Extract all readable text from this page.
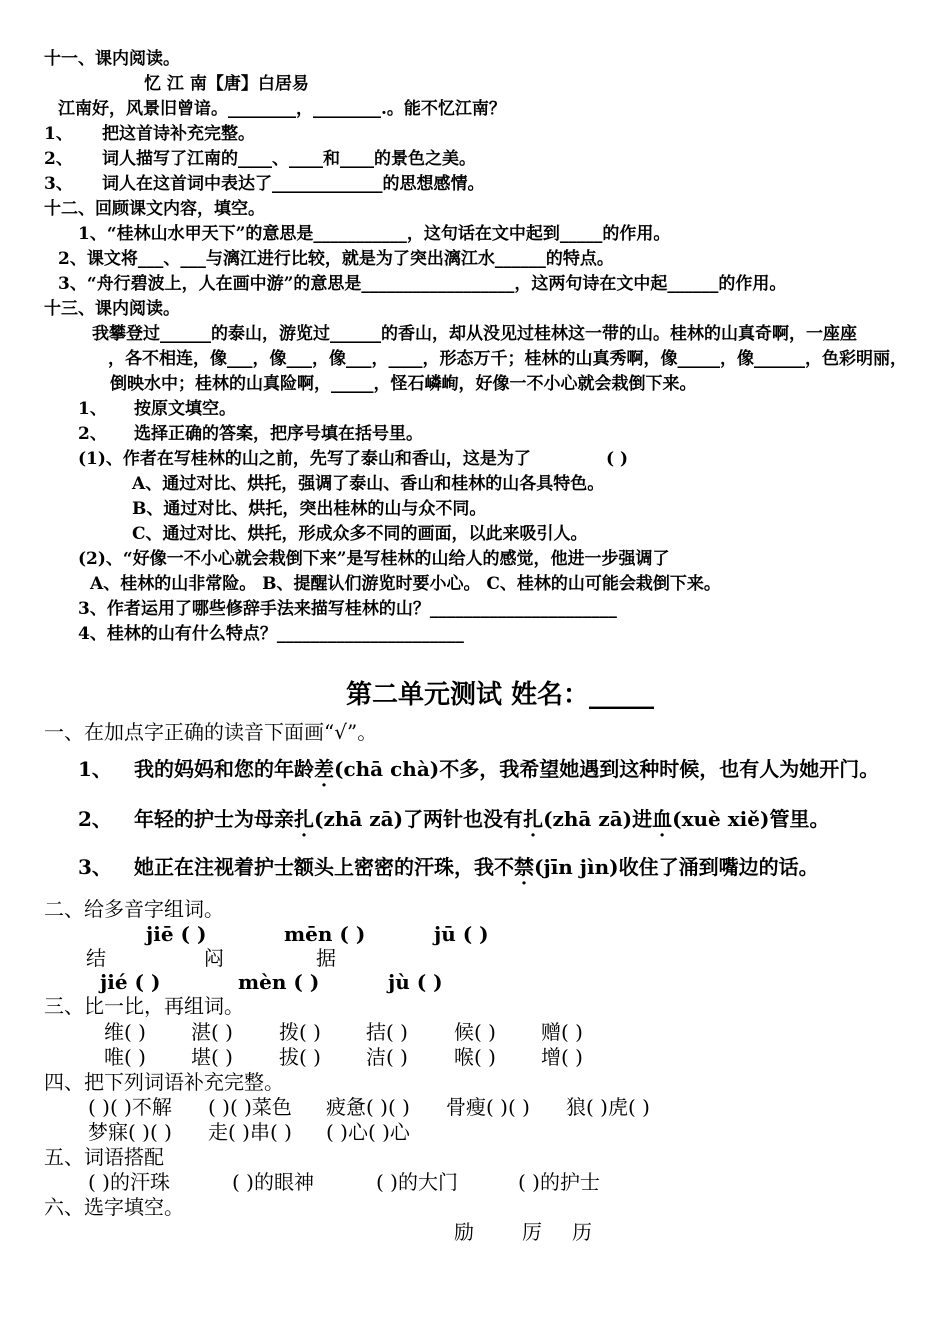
十一、课内阅读。
忆 江 南【唐】白居易
江南好，风景旧曾谙。________，________.。能不忆江南？
1、 把这首诗补充完整。
2、 词人描写了江南的____、____和____的景色之美。
3、 词人在这首词中表达了_____________的思想感情。
十二、回顾课文内容，填空。
1、“桂林山水甲天下”的意思是___________，这句话在文中起到_____的作用。
2、课文将___、___与漓江进行比较，就是为了突出漓江水______的特点。
3、“舟行碧波上，人在画中游”的意思是__________________，这两句诗在文中起______的作用。
十三、课内阅读。
我攀登过______的泰山，游览过______的香山，却从没见过桂林这一带的山。桂林的山真奇啊，一座座
，各不相连，像___，像___，像___，____，形态万千；桂林的山真秀啊，像_____，像______，色彩明丽，
倒映水中；桂林的山真险啊，_____，怪石嶙峋，好像一不小心就会栽倒下来。
1、 按原文填空。
2、 选择正确的答案，把序号填在括号里。
(1)、作者在写桂林的山之前，先写了泰山和香山，这是为了	( )
A、通过对比、烘托，强调了泰山、香山和桂林的山各具特色。
B、通过对比、烘托，突出桂林的山与众不同。
C、通过对比、烘托，形成众多不同的画面，以此来吸引人。
(2)、“好像一不小心就会栽倒下来”是写桂林的山给人的感觉，他进一步强调了
A、桂林的山非常险。 B、提醒认们游览时要小心。 C、桂林的山可能会栽倒下来。
3、作者运用了哪些修辞手法来描写桂林的山？______________________
4、桂林的山有什么特点？______________________
第二单元测试 姓名：_____
一、在加点字正确的读音下面画“√”。
1、 我的妈妈和您的年龄差(chā chà)不多，我希望她遇到这种时候，也有人为她开门。
2、 年轻的护士为母亲扎(zhā zā)了两针也没有扎(zhā zā)进血(xuè xiě)管里。
3、 她正在注视着护士额头上密密的汗珠，我不禁(jīn jìn)收住了涌到嘴边的话。
二、给多音字组词。
jiē ( )	mēn ( )	jū ( )
结	闷	据
jié ( )	mèn ( )	jù ( )
三、比一比，再组词。
维( ) 湛( ) 拨( ) 拮( ) 候( ) 赠( )
唯( ) 堪( ) 拔( ) 洁( ) 喉( ) 增( )
四、把下列词语补充完整。
( )( )不解 ( )( )菜色 疲惫( )( ) 骨瘦( )( ) 狼( )虎( )
梦寐( )( ) 走( )串( ) ( )心( )心
五、词语搭配
( )的汗珠	( )的眼神	( )的大门	( )的护士
六、选字填空。
励 厉 历
